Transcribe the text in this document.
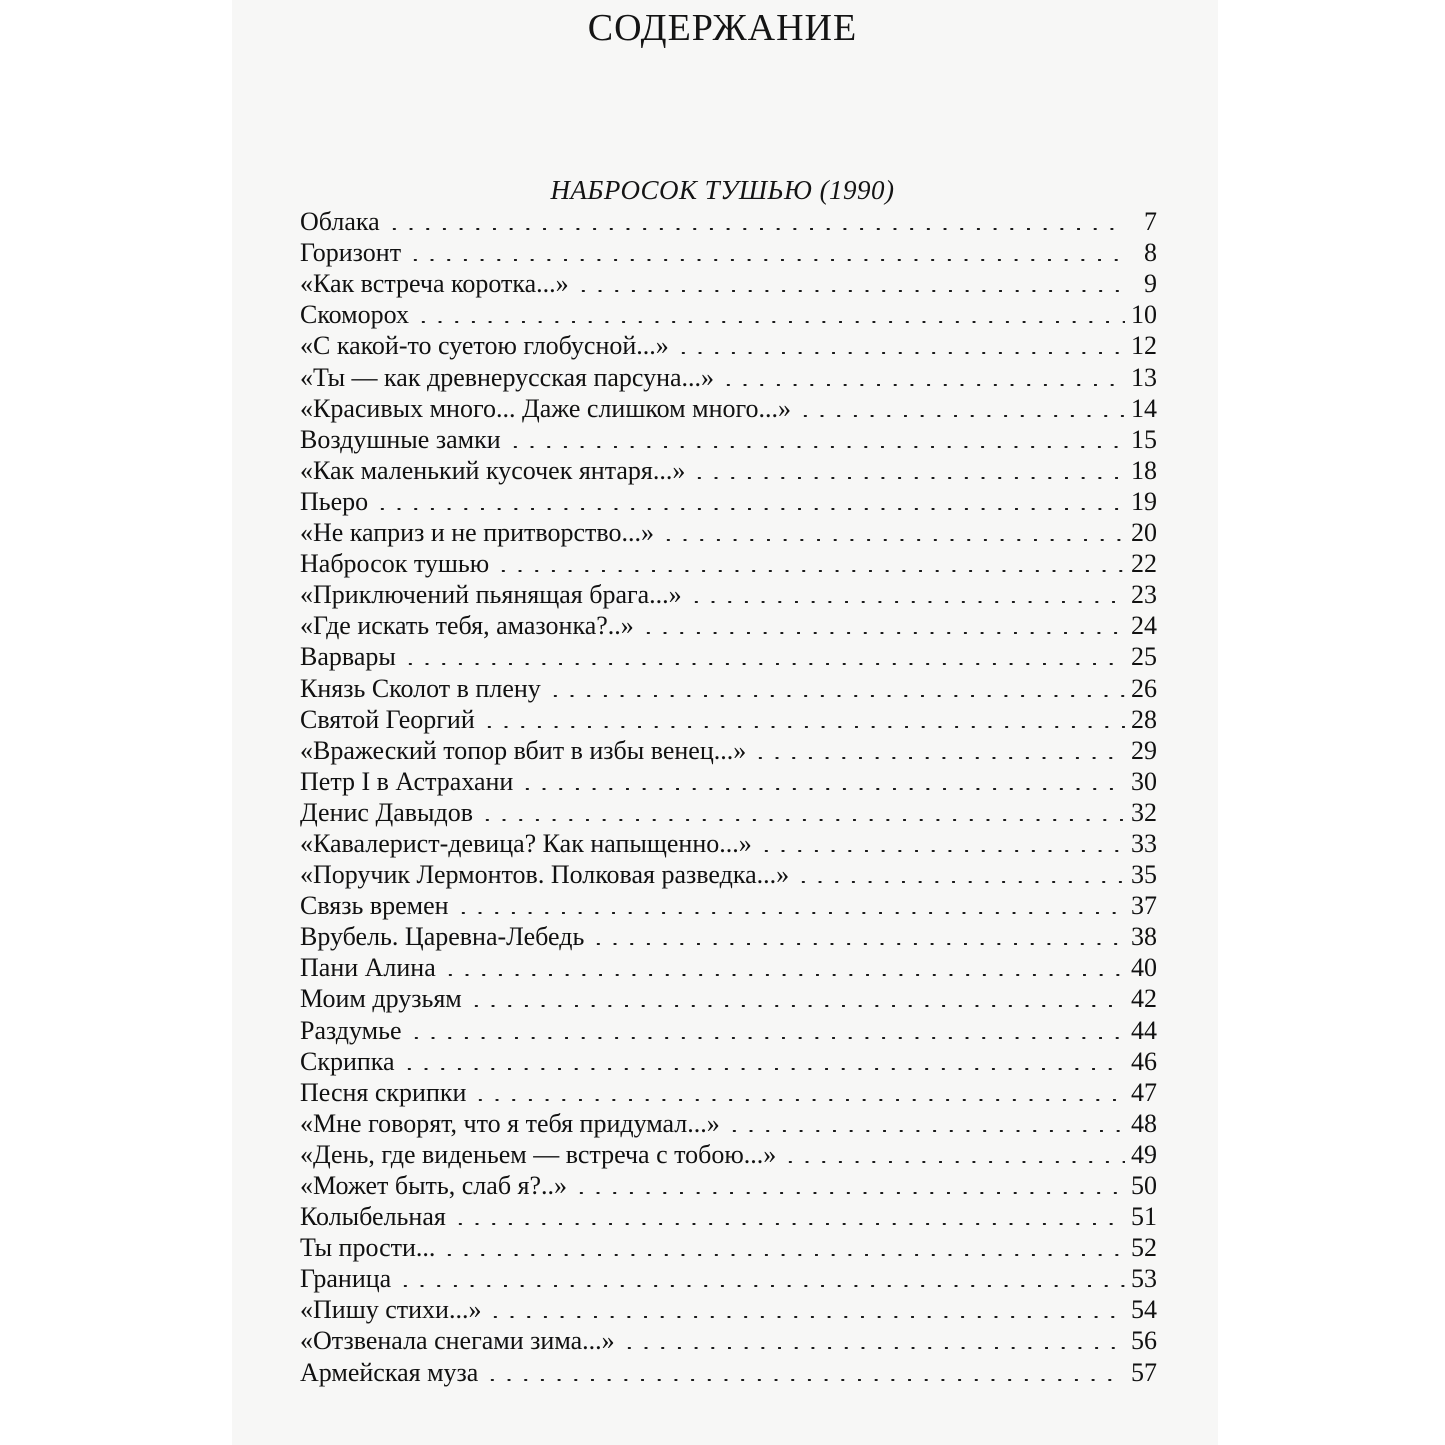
СОДЕРЖАНИЕ
НАБРОСОК ТУШЬЮ (1990)
Облака	7
Горизонт	8
«Как встреча коротка...»	9
Скоморох	10
«С какой-то суетою глобусной...»	12
«Ты — как древнерусская парсуна...»	13
«Красивых много... Даже слишком много...»	14
Воздушные замки	15
«Как маленький кусочек янтаря...»	18
Пьеро	19
«Не каприз и не притворство...»	20
Набросок тушью	22
«Приключений пьянящая брага...»	23
«Где искать тебя, амазонка?..»	24
Варвары	25
Князь Сколот в плену	26
Святой Георгий	28
«Вражеский топор вбит в избы венец...»	29
Петр I в Астрахани	30
Денис Давыдов	32
«Кавалерист-девица? Как напыщенно...»	33
«Поручик Лермонтов. Полковая разведка...»	35
Связь времен	37
Врубель. Царевна-Лебедь	38
Пани Алина	40
Моим друзьям	42
Раздумье	44
Скрипка	46
Песня скрипки	47
«Мне говорят, что я тебя придумал...»	48
«День, где виденьем — встреча с тобою...»	49
«Может быть, слаб я?..»	50
Колыбельная	51
Ты прости...	52
Граница	53
«Пишу стихи...»	54
«Отзвенала снегами зима...»	56
Армейская муза	57
